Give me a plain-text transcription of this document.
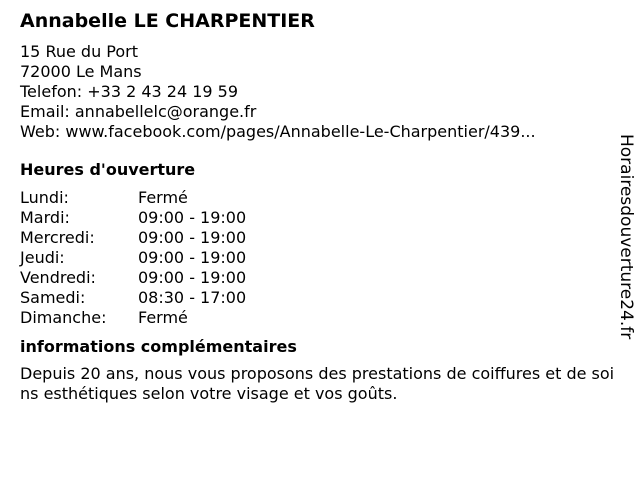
Annabelle LE CHARPENTIER
15 Rue du Port
72000 Le Mans
Telefon: +33 2 43 24 19 59
Email: annabellelc@orange.fr
Web: www.facebook.com/pages/Annabelle-Le-Charpentier/439...
Heures d'ouverture
Lundi:	Fermé
Mardi:	09:00 - 19:00
Mercredi:	09:00 - 19:00
Jeudi:	09:00 - 19:00
Vendredi:	09:00 - 19:00
Samedi:	08:30 - 17:00
Dimanche:	Fermé
informations complémentaires
Depuis 20 ans, nous vous proposons des prestations de coiffures et de soins esthétiques selon votre visage et vos goûts.
Horairesdouverture24.fr
